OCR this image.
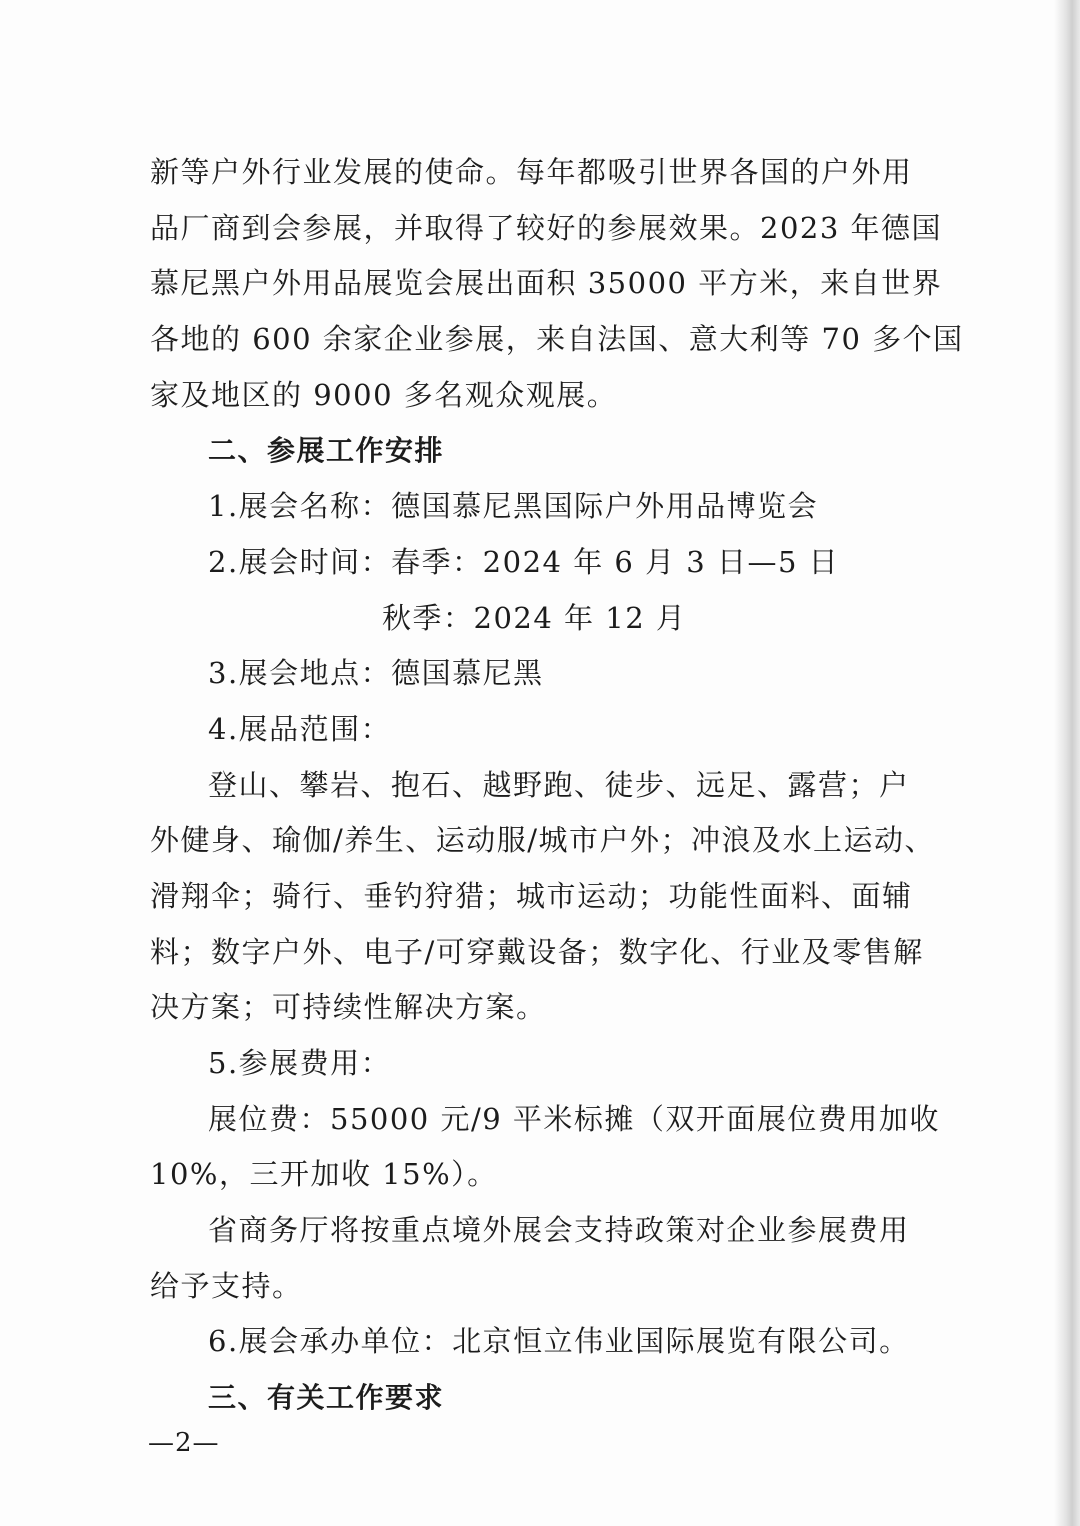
新等户外行业发展的使命。每年都吸引世界各国的户外用
品厂商到会参展，并取得了较好的参展效果。2023 年德国
慕尼黑户外用品展览会展出面积 35000 平方米，来自世界
各地的 600 余家企业参展，来自法国、意大利等 70 多个国
家及地区的 9000 多名观众观展。
二、参展工作安排
1.展会名称：德国慕尼黑国际户外用品博览会
2.展会时间：春季：2024 年 6 月 3 日—5 日
秋季：2024 年 12 月
3.展会地点：德国慕尼黑
4.展品范围：
登山、攀岩、抱石、越野跑、徒步、远足、露营；户
外健身、瑜伽/养生、运动服/城市户外；冲浪及水上运动、
滑翔伞；骑行、垂钓狩猎；城市运动；功能性面料、面辅
料；数字户外、电子/可穿戴设备；数字化、行业及零售解
决方案；可持续性解决方案。
5.参展费用：
展位费：55000 元/9 平米标摊（双开面展位费用加收
10%，三开加收 15%）。
省商务厅将按重点境外展会支持政策对企业参展费用
给予支持。
6.展会承办单位：北京恒立伟业国际展览有限公司。
三、有关工作要求
—2—
